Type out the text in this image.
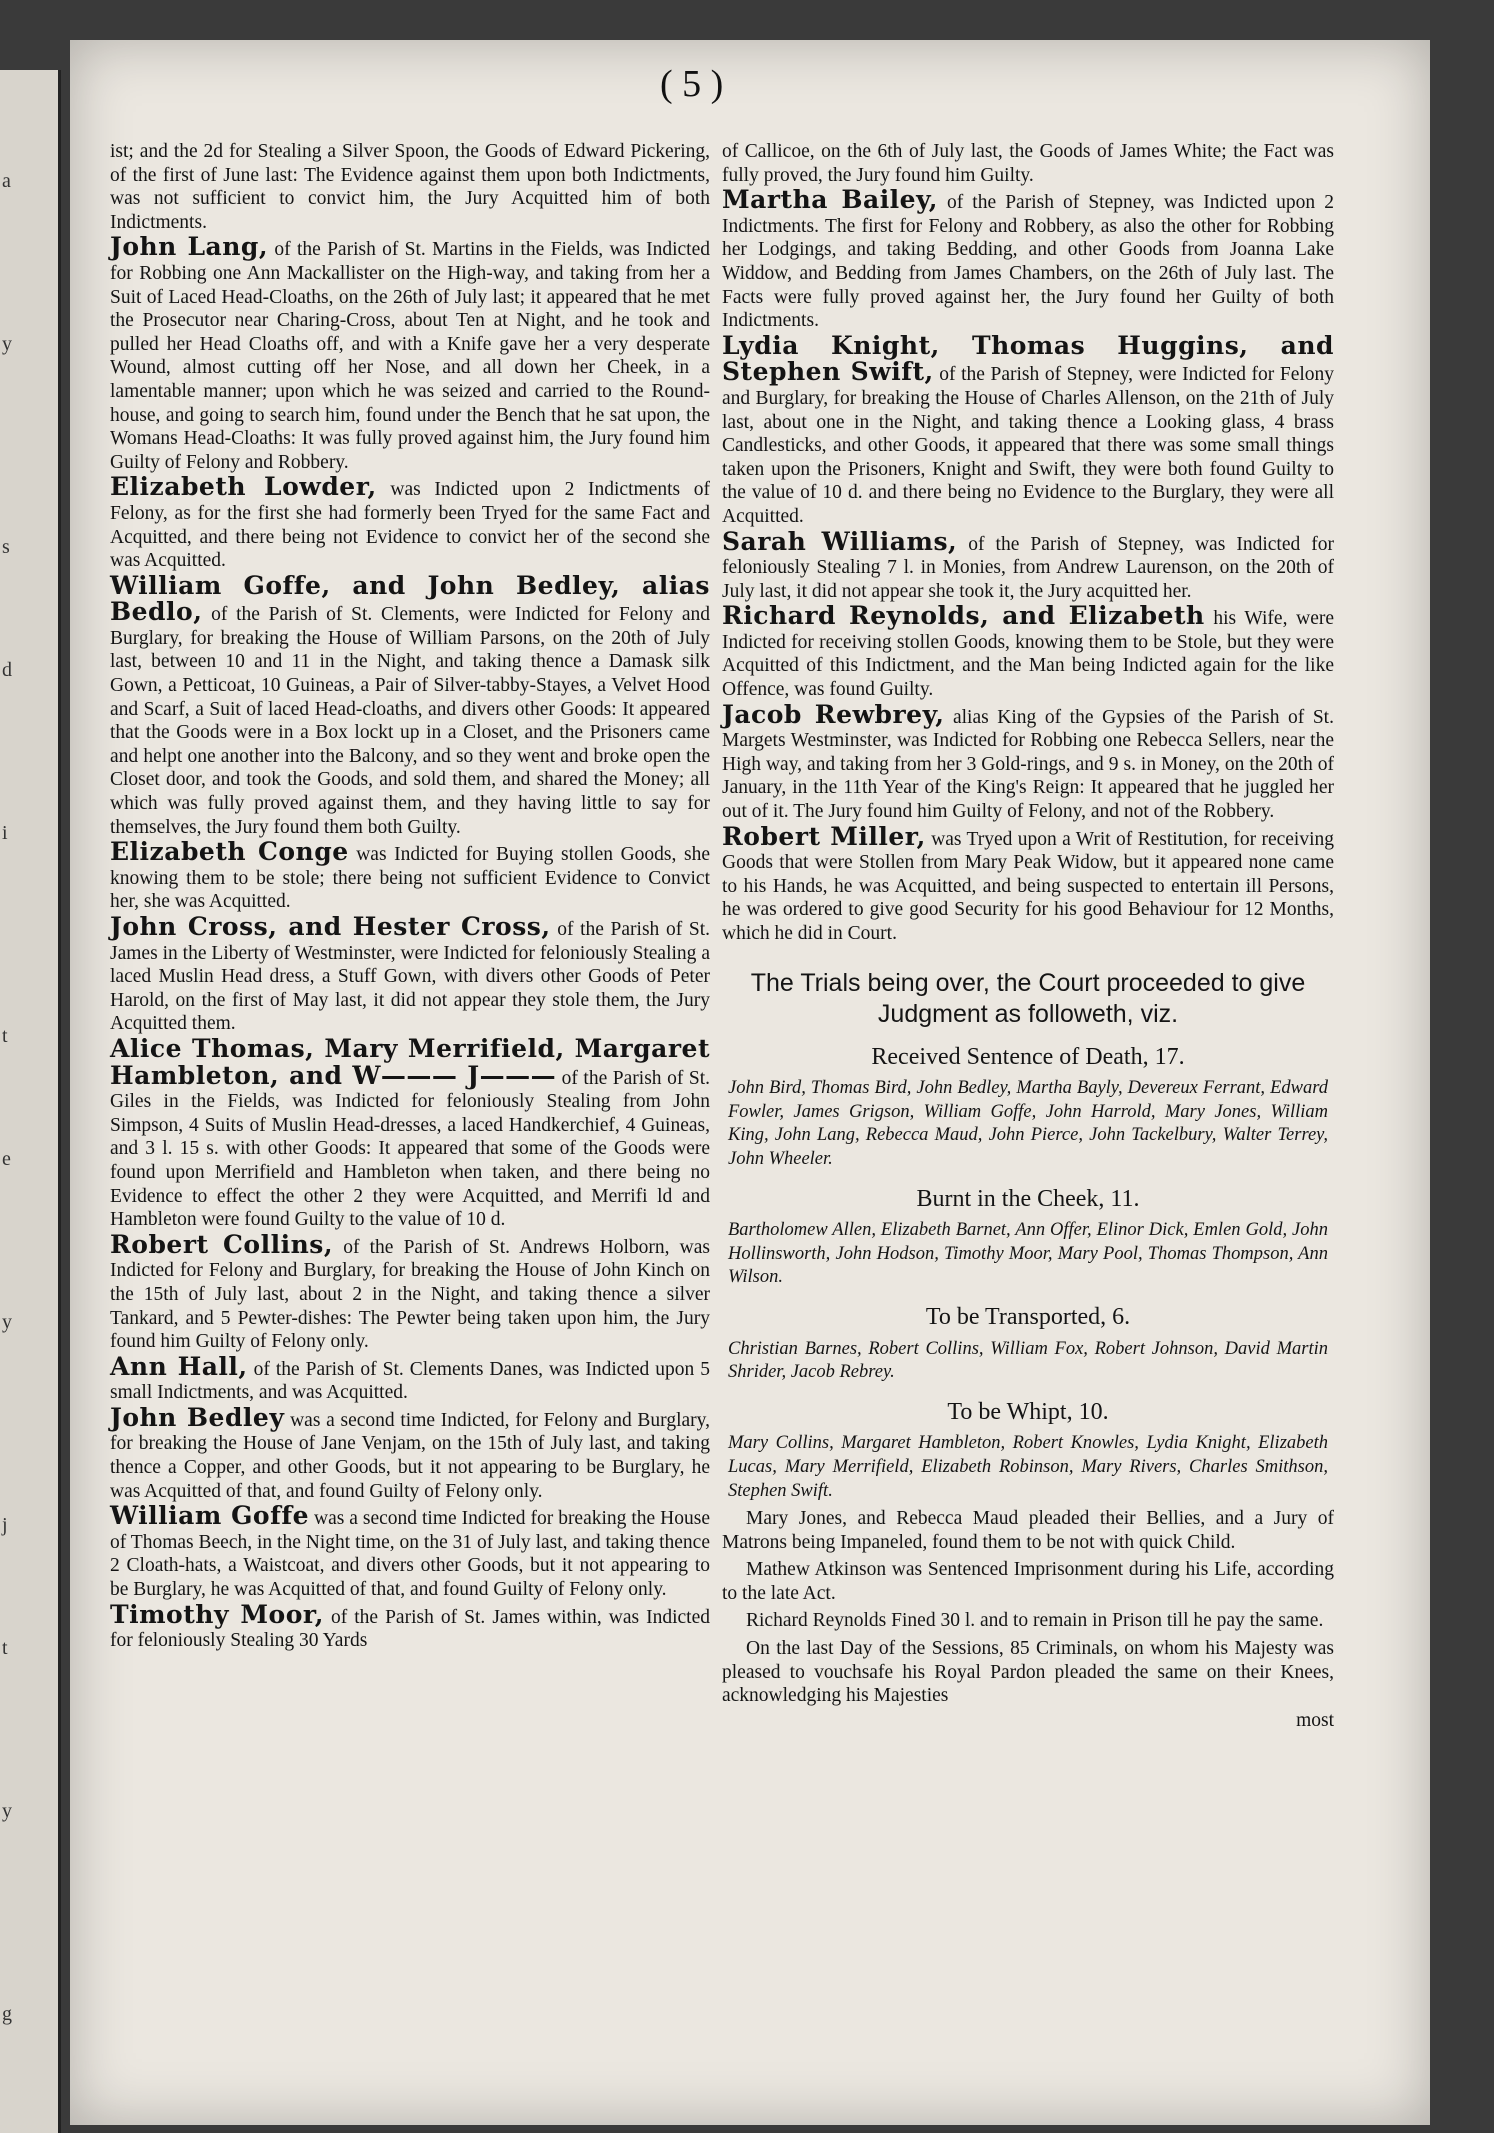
a
y
s
d
i
t
e
y
j
t
y
g
( 5 )

ist; and the 2d for Stealing a Silver Spoon, the Goods of Edward Pickering, of the first of June last: The Evidence against them upon both Indictments, was not sufficient to convict him, the Jury Acquitted him of both Indictments.

John Lang, of the Parish of St. Martins in the Fields, was Indicted for Robbing one Ann Mackallister on the High-way, and taking from her a Suit of Laced Head-Cloaths, on the 26th of July last; it appeared that he met the Prosecutor near Charing-Cross, about Ten at Night, and he took and pulled her Head Cloaths off, and with a Knife gave her a very desperate Wound, almost cutting off her Nose, and all down her Cheek, in a lamentable manner; upon which he was seized and carried to the Round-house, and going to search him, found under the Bench that he sat upon, the Womans Head-Cloaths: It was fully proved against him, the Jury found him Guilty of Felony and Robbery.

Elizabeth Lowder, was Indicted upon 2 Indictments of Felony, as for the first she had formerly been Tryed for the same Fact and Acquitted, and there being not Evidence to convict her of the second she was Acquitted.

William Goffe, and John Bedley, alias Bedlo, of the Parish of St. Clements, were Indicted for Felony and Burglary, for breaking the House of William Parsons, on the 20th of July last, between 10 and 11 in the Night, and taking thence a Damask silk Gown, a Petticoat, 10 Guineas, a Pair of Silver-tabby-Stayes, a Velvet Hood and Scarf, a Suit of laced Head-cloaths, and divers other Goods: It appeared that the Goods were in a Box lockt up in a Closet, and the Prisoners came and helpt one another into the Balcony, and so they went and broke open the Closet door, and took the Goods, and sold them, and shared the Money; all which was fully proved against them, and they having little to say for themselves, the Jury found them both Guilty.

Elizabeth Conge was Indicted for Buying stollen Goods, she knowing them to be stole; there being not sufficient Evidence to Convict her, she was Acquitted.

John Cross, and Hester Cross, of the Parish of St. James in the Liberty of Westminster, were Indicted for feloniously Stealing a laced Muslin Head dress, a Stuff Gown, with divers other Goods of Peter Harold, on the first of May last, it did not appear they stole them, the Jury Acquitted them.

Alice Thomas, Mary Merrifield, Margaret Hambleton, and W——— J——— of the Parish of St. Giles in the Fields, was Indicted for feloniously Stealing from John Simpson, 4 Suits of Muslin Head-dresses, a laced Handkerchief, 4 Guineas, and 3 l. 15 s. with other Goods: It appeared that some of the Goods were found upon Merrifield and Hambleton when taken, and there being no Evidence to effect the other 2 they were Acquitted, and Merrifi ld and Hambleton were found Guilty to the value of 10 d.

Robert Collins, of the Parish of St. Andrews Holborn, was Indicted for Felony and Burglary, for breaking the House of John Kinch on the 15th of July last, about 2 in the Night, and taking thence a silver Tankard, and 5 Pewter-dishes: The Pewter being taken upon him, the Jury found him Guilty of Felony only.

Ann Hall, of the Parish of St. Clements Danes, was Indicted upon 5 small Indictments, and was Acquitted.

John Bedley was a second time Indicted, for Felony and Burglary, for breaking the House of Jane Venjam, on the 15th of July last, and taking thence a Copper, and other Goods, but it not appearing to be Burglary, he was Acquitted of that, and found Guilty of Felony only.

William Goffe was a second time Indicted for breaking the House of Thomas Beech, in the Night time, on the 31 of July last, and taking thence 2 Cloath-hats, a Waistcoat, and divers other Goods, but it not appearing to be Burglary, he was Acquitted of that, and found Guilty of Felony only.

Timothy Moor, of the Parish of St. James within, was Indicted for feloniously Stealing 30 Yards

of Callicoe, on the 6th of July last, the Goods of James White; the Fact was fully proved, the Jury found him Guilty.

Martha Bailey, of the Parish of Stepney, was Indicted upon 2 Indictments. The first for Felony and Robbery, as also the other for Robbing her Lodgings, and taking Bedding, and other Goods from Joanna Lake Widdow, and Bedding from James Chambers, on the 26th of July last. The Facts were fully proved against her, the Jury found her Guilty of both Indictments.

Lydia Knight, Thomas Huggins, and Stephen Swift, of the Parish of Stepney, were Indicted for Felony and Burglary, for breaking the House of Charles Allenson, on the 21th of July last, about one in the Night, and taking thence a Looking glass, 4 brass Candlesticks, and other Goods, it appeared that there was some small things taken upon the Prisoners, Knight and Swift, they were both found Guilty to the value of 10 d. and there being no Evidence to the Burglary, they were all Acquitted.

Sarah Williams, of the Parish of Stepney, was Indicted for feloniously Stealing 7 l. in Monies, from Andrew Laurenson, on the 20th of July last, it did not appear she took it, the Jury acquitted her.

Richard Reynolds, and Elizabeth his Wife, were Indicted for receiving stollen Goods, knowing them to be Stole, but they were Acquitted of this Indictment, and the Man being Indicted again for the like Offence, was found Guilty.

Jacob Rewbrey, alias King of the Gypsies of the Parish of St. Margets Westminster, was Indicted for Robbing one Rebecca Sellers, near the High way, and taking from her 3 Gold-rings, and 9 s. in Money, on the 20th of January, in the 11th Year of the King's Reign: It appeared that he juggled her out of it. The Jury found him Guilty of Felony, and not of the Robbery.

Robert Miller, was Tryed upon a Writ of Restitution, for receiving Goods that were Stollen from Mary Peak Widow, but it appeared none came to his Hands, he was Acquitted, and being suspected to entertain ill Persons, he was ordered to give good Security for his good Behaviour for 12 Months, which he did in Court.

The Trials being over, the Court proceeded to give Judgment as followeth, viz.
Received Sentence of Death, 17.
John Bird, Thomas Bird, John Bedley, Martha Bayly, Devereux Ferrant, Edward Fowler, James Grigson, William Goffe, John Harrold, Mary Jones, William King, John Lang, Rebecca Maud, John Pierce, John Tackelbury, Walter Terrey, John Wheeler.
Burnt in the Cheek, 11.
Bartholomew Allen, Elizabeth Barnet, Ann Offer, Elinor Dick, Emlen Gold, John Hollinsworth, John Hodson, Timothy Moor, Mary Pool, Thomas Thompson, Ann Wilson.
To be Transported, 6.
Christian Barnes, Robert Collins, William Fox, Robert Johnson, David Martin Shrider, Jacob Rebrey.
To be Whipt, 10.
Mary Collins, Margaret Hambleton, Robert Knowles, Lydia Knight, Elizabeth Lucas, Mary Merrifield, Elizabeth Robinson, Mary Rivers, Charles Smithson, Stephen Swift.

Mary Jones, and Rebecca Maud pleaded their Bellies, and a Jury of Matrons being Impaneled, found them to be not with quick Child.

Mathew Atkinson was Sentenced Imprisonment during his Life, according to the late Act.

Richard Reynolds Fined 30 l. and to remain in Prison till he pay the same.

On the last Day of the Sessions, 85 Criminals, on whom his Majesty was pleased to vouchsafe his Royal Pardon pleaded the same on their Knees, acknowledging his Majesties

most
